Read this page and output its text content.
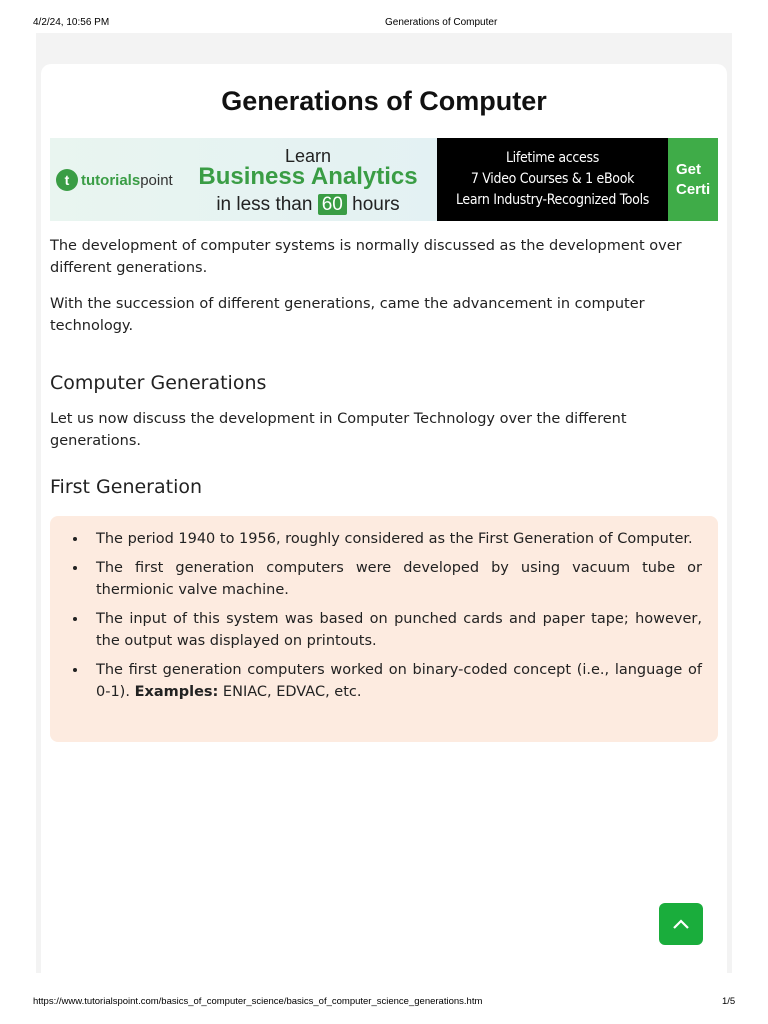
4/2/24, 10:56 PM	Generations of Computer
Generations of Computer
t tutorials point
Learn
Business Analytics
in less than 60 hours
Lifetime access
7 Video Courses & 1 eBook
Learn Industry-Recognized Tools
Get
Certi

The development of computer systems is normally discussed as the development over different generations.

With the succession of different generations, came the advancement in computer technology.

Computer Generations

Let us now discuss the development in Computer Technology over the different generations.

First Generation
• The period 1940 to 1956, roughly considered as the First Generation of Computer.
• The first generation computers were developed by using vacuum tube or thermionic valve machine.
• The input of this system was based on punched cards and paper tape; however, the output was displayed on printouts.
• The first generation computers worked on binary-coded concept (i.e., language of 0-1). Examples: ENIAC, EDVAC, etc.
https://www.tutorialspoint.com/basics_of_computer_science/basics_of_computer_science_generations.htm	1/5
